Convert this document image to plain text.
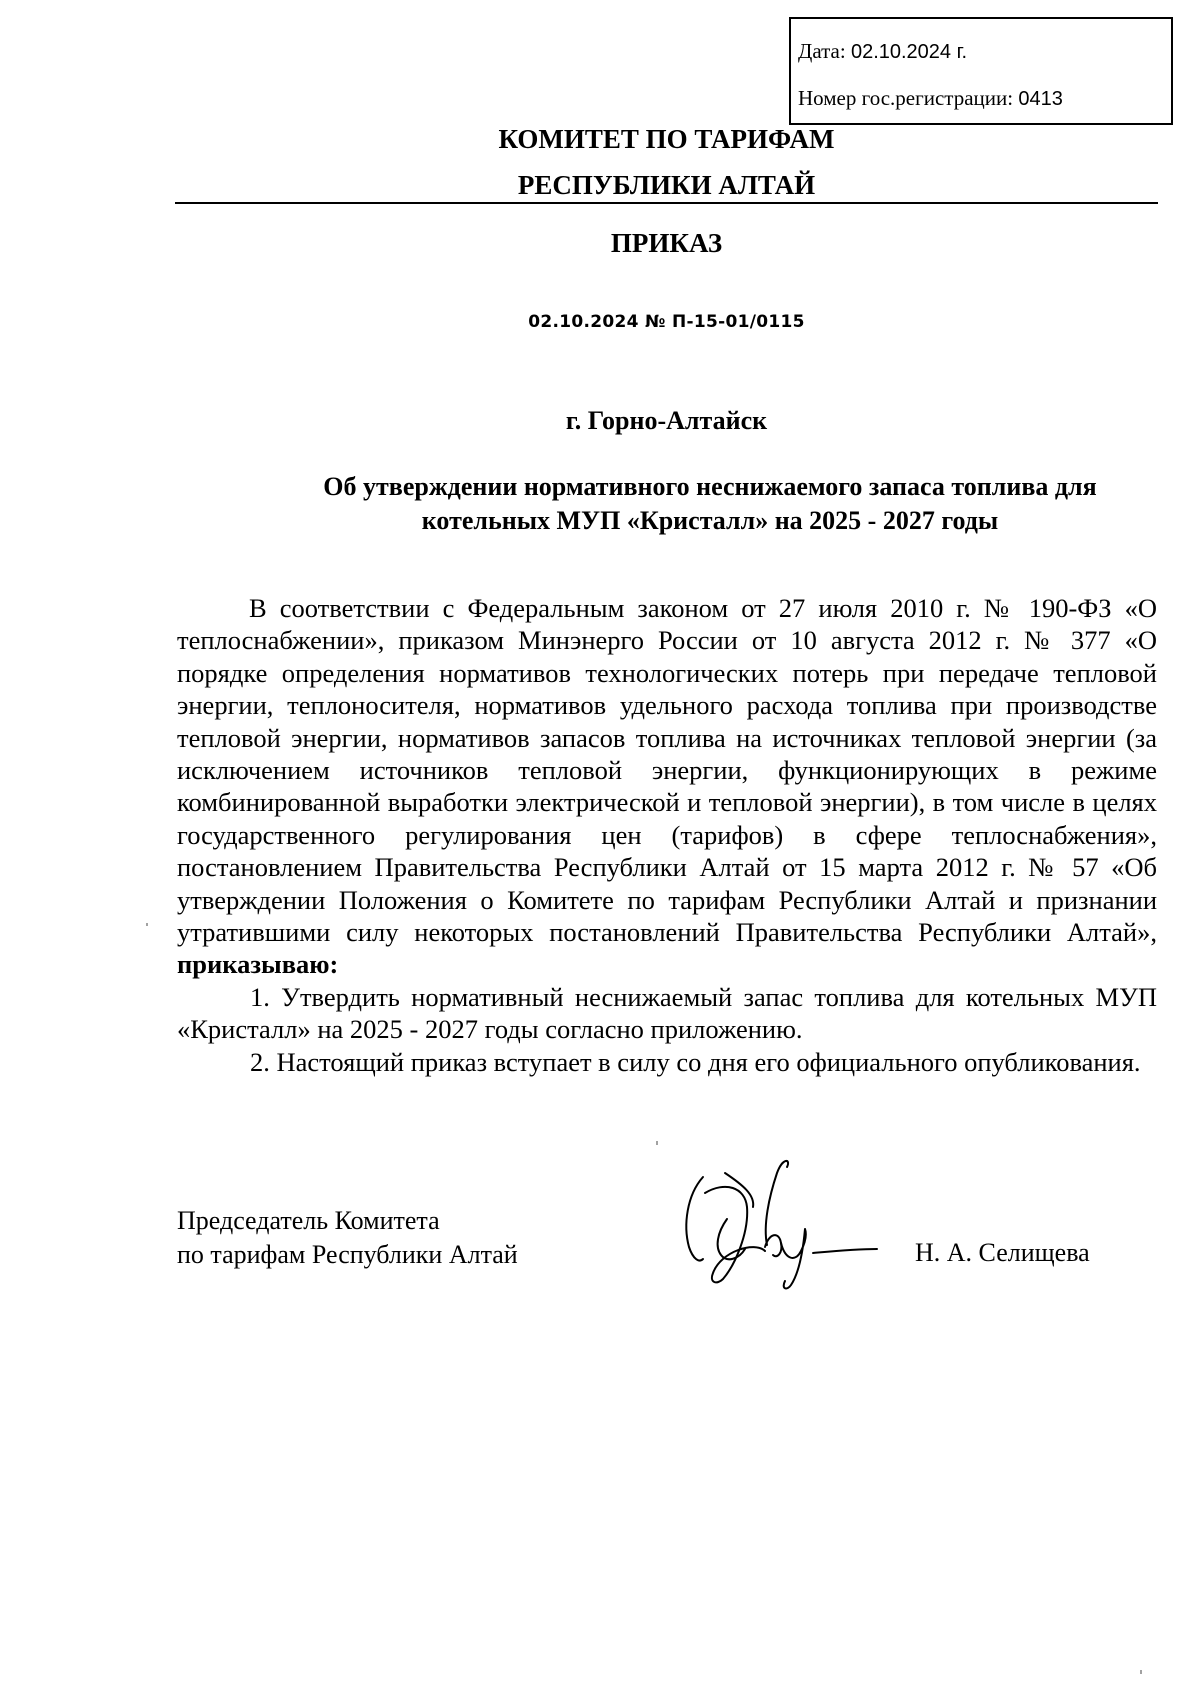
Дата: 02.10.2024 г.
Номер гос.регистрации: 0413
КОМИТЕТ ПО ТАРИФАМ
РЕСПУБЛИКИ АЛТАЙ
ПРИКАЗ
02.10.2024 № П-15-01/0115
г. Горно-Алтайск
Об утверждении нормативного неснижаемого запаса топлива для
котельных МУП «Кристалл» на 2025 - 2027 годы

В соответствии с Федеральным законом от 27 июля 2010 г. № 190-ФЗ «О теплоснабжении», приказом Минэнерго России от 10 августа 2012 г. № 377 «О порядке определения нормативов технологических потерь при передаче тепловой энергии, теплоносителя, нормативов удельного расхода топлива при производстве тепловой энергии, нормативов запасов топлива на источниках тепловой энергии (за исключением источников тепловой энергии, функционирующих в режиме комбинированной выработки электрической и тепловой энергии), в том числе в целях государственного регулирования цен (тарифов) в сфере теплоснабжения», постановлением Правительства Республики Алтай от 15 марта 2012 г. № 57 «Об утверждении Положения о Комитете по тарифам Республики Алтай и признании утратившими силу некоторых постановлений Правительства Республики Алтай», приказываю:

1. Утвердить нормативный неснижаемый запас топлива для котельных МУП «Кристалл» на 2025 - 2027 годы согласно приложению.

2. Настоящий приказ вступает в силу со дня его официального опубликования.

Председатель Комитета
по тарифам Республики Алтай	Н. А. Селищева
